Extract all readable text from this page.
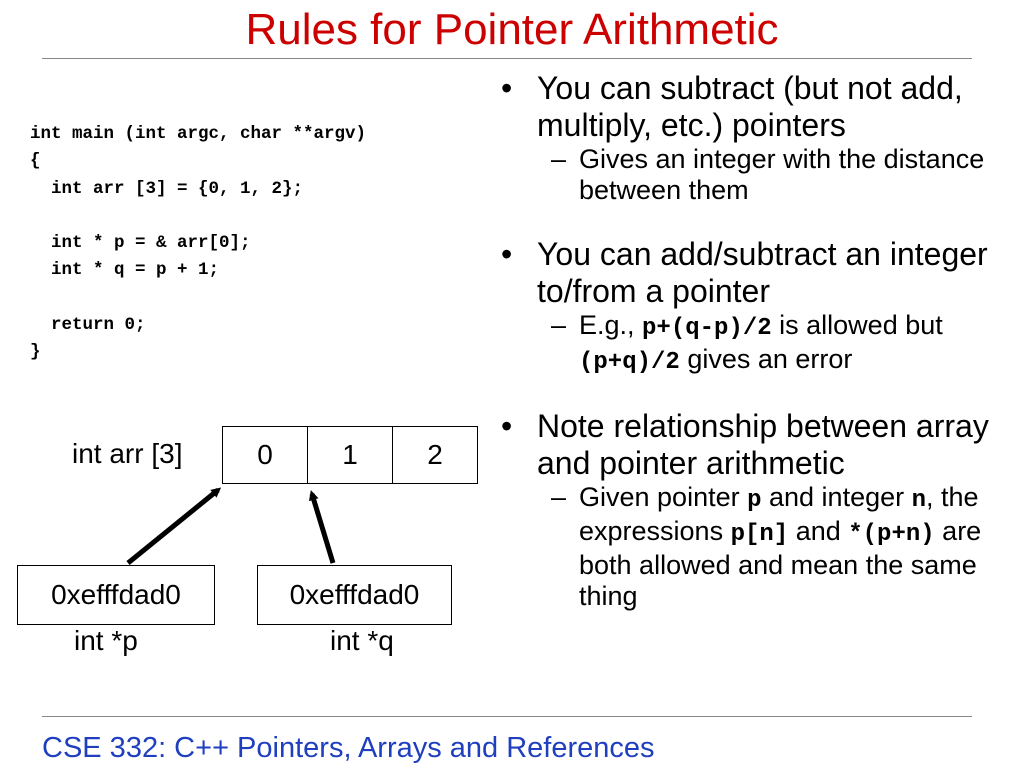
Rules for Pointer Arithmetic
int main (int argc, char **argv)
{
int arr [3] = {0, 1, 2};
int * p = & arr[0];
int * q = p + 1;
return 0;
}
int arr [3]	0	1	2
0xefffdad0	0xefffdad0
int *p	int *q
• You can subtract (but not add, multiply, etc.) pointers
– Gives an integer with the distance between them
• You can add/subtract an integer to/from a pointer
– E.g., p+(q-p)/2 is allowed but (p+q)/2 gives an error
• Note relationship between array and pointer arithmetic
– Given pointer p and integer n, the expressions p[n] and *(p+n) are both allowed and mean the same thing
CSE 332: C++ Pointers, Arrays and References
